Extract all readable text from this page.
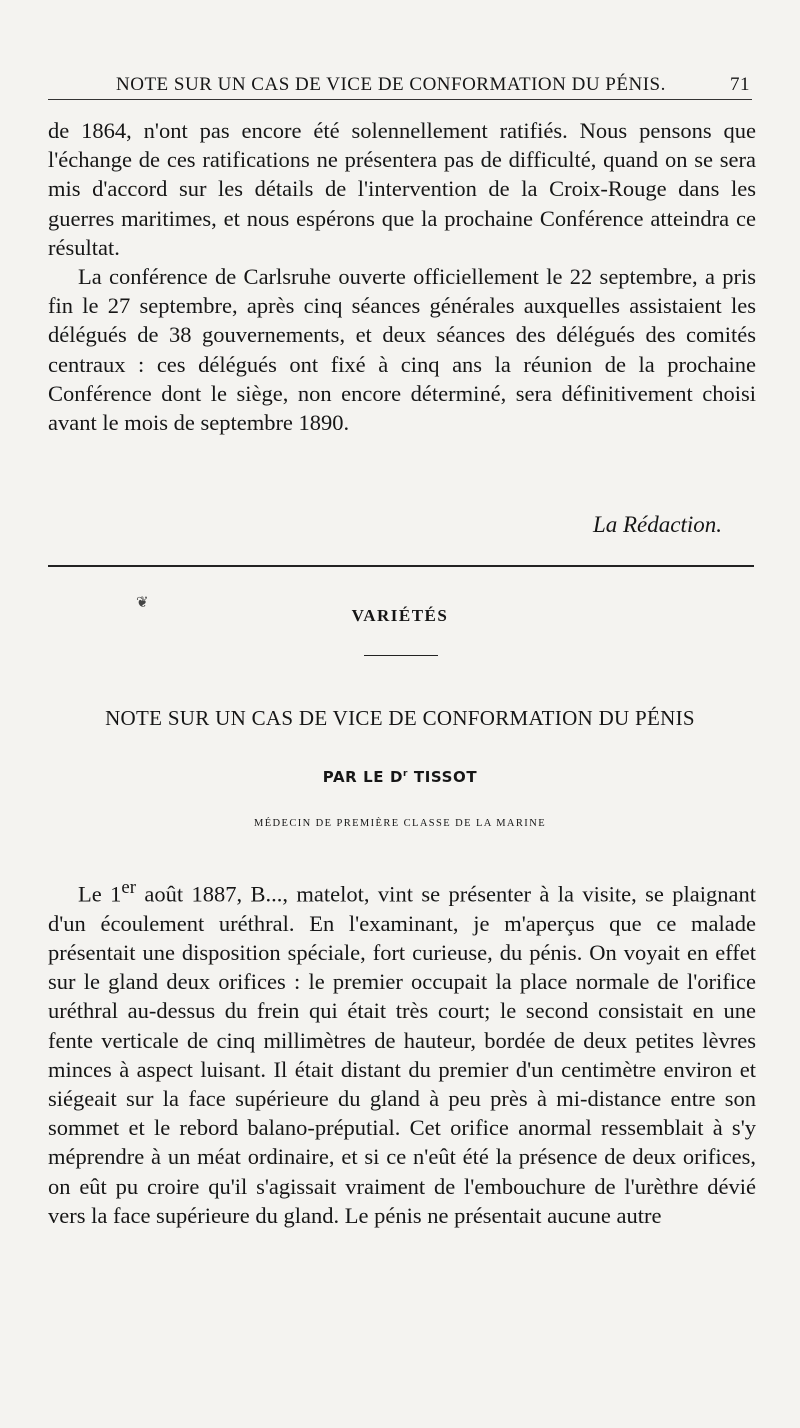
NOTE SUR UN CAS DE VICE DE CONFORMATION DU PÉNIS.	71

de 1864, n'ont pas encore été solennellement ratifiés. Nous pensons que l'échange de ces ratifications ne présentera pas de difficulté, quand on se sera mis d'accord sur les détails de l'intervention de la Croix-Rouge dans les guerres maritimes, et nous espérons que la prochaine Conférence atteindra ce résultat.

La conférence de Carlsruhe ouverte officiellement le 22 septembre, a pris fin le 27 septembre, après cinq séances générales auxquelles assistaient les délégués de 38 gouvernements, et deux séances des délégués des comités centraux : ces délégués ont fixé à cinq ans la réunion de la prochaine Conférence dont le siège, non encore déterminé, sera définitivement choisi avant le mois de septembre 1890.

La Rédaction.
❦
VARIÉTÉS
NOTE SUR UN CAS DE VICE DE CONFORMATION DU PÉNIS
PAR LE $D^r$ TISSOT
MÉDECIN DE PREMIÈRE CLASSE DE LA MARINE

Le 1er août 1887, B..., matelot, vint se présenter à la visite, se plaignant d'un écoulement uréthral. En l'examinant, je m'aperçus que ce malade présentait une disposition spéciale, fort curieuse, du pénis. On voyait en effet sur le gland deux orifices : le premier occupait la place normale de l'orifice uréthral au-dessus du frein qui était très court; le second consistait en une fente verticale de cinq millimètres de hauteur, bordée de deux petites lèvres minces à aspect luisant. Il était distant du premier d'un centimètre environ et siégeait sur la face supérieure du gland à peu près à mi-distance entre son sommet et le rebord balano-préputial. Cet orifice anormal ressemblait à s'y méprendre à un méat ordinaire, et si ce n'eût été la présence de deux orifices, on eût pu croire qu'il s'agissait vraiment de l'embouchure de l'urèthre dévié vers la face supérieure du gland. Le pénis ne présentait aucune autre
